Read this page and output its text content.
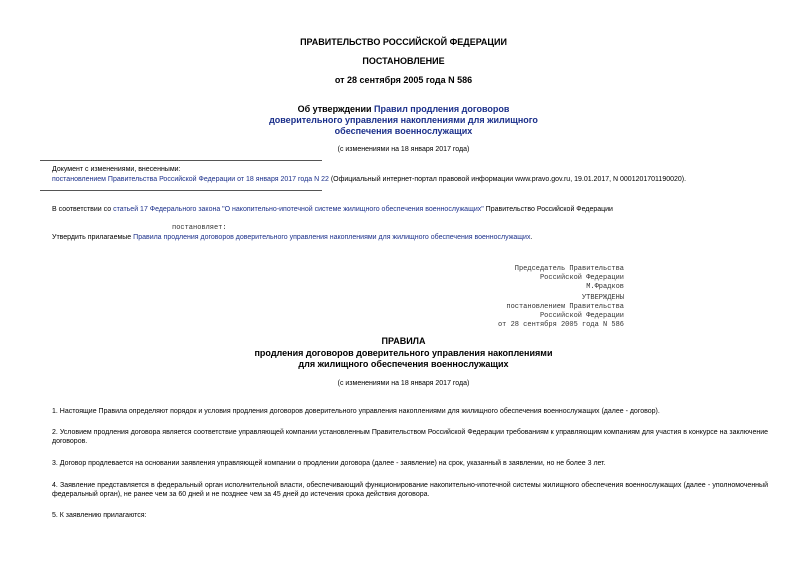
ПРАВИТЕЛЬСТВО РОССИЙСКОЙ ФЕДЕРАЦИИ
ПОСТАНОВЛЕНИЕ
от 28 сентября 2005 года N 586
Об утверждении Правил продления договоров
доверительного управления накоплениями для жилищного
обеспечения военнослужащих
(с изменениями на 18 января 2017 года)
Документ с изменениями, внесенными:
постановлением Правительства Российской Федерации от 18 января 2017 года N 22 (Официальный интернет-портал правовой информации www.pravo.gov.ru, 19.01.2017, N 0001201701190020).
В соответствии со статьей 17 Федерального закона "О накопительно-ипотечной системе жилищного обеспечения военнослужащих" Правительство Российской Федерации
постановляет:
Утвердить прилагаемые Правила продления договоров доверительного управления накоплениями для жилищного обеспечения военнослужащих.
Председатель Правительства
Российской Федерации
М.Фрадков
УТВЕРЖДЕНЫ
постановлением Правительства
Российской Федерации
от 28 сентября 2005 года N 586
ПРАВИЛА
продления договоров доверительного управления накоплениями
для жилищного обеспечения военнослужащих
(с изменениями на 18 января 2017 года)
1. Настоящие Правила определяют порядок и условия продления договоров доверительного управления накоплениями для жилищного обеспечения военнослужащих (далее - договор).
2. Условием продления договора является соответствие управляющей компании установленным Правительством Российской Федерации требованиям к управляющим компаниям для участия в конкурсе на заключение договоров.
3. Договор продлевается на основании заявления управляющей компании о продлении договора (далее - заявление) на срок, указанный в заявлении, но не более 3 лет.
4. Заявление представляется в федеральный орган исполнительной власти, обеспечивающий функционирование накопительно-ипотечной системы жилищного обеспечения военнослужащих (далее - уполномоченный федеральный орган), не ранее чем за 60 дней и не позднее чем за 45 дней до истечения срока действия договора.
5. К заявлению прилагаются:
